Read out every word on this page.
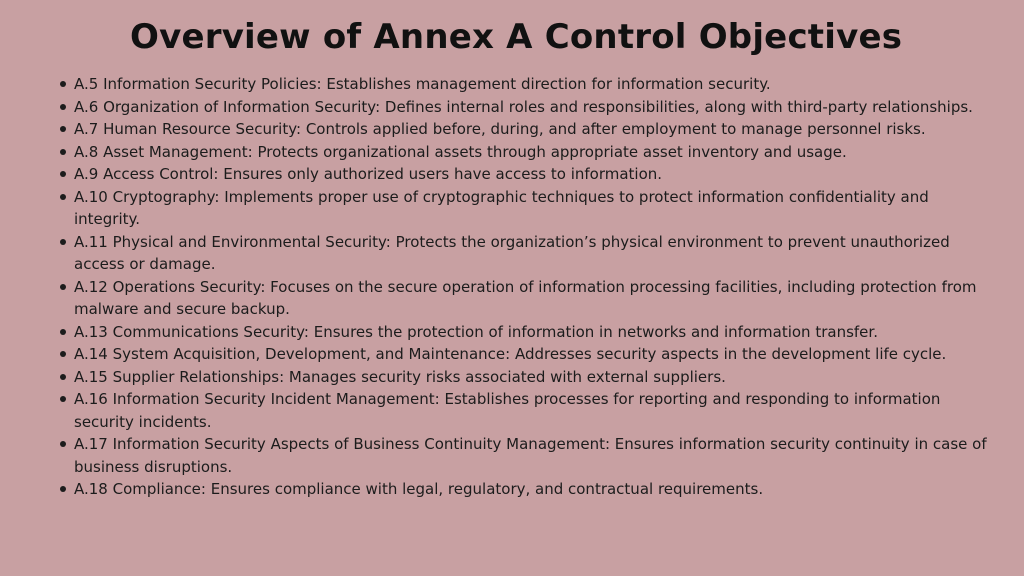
Overview of Annex A Control Objectives
A.5 Information Security Policies: Establishes management direction for information security.
A.6 Organization of Information Security: Defines internal roles and responsibilities, along with third-party relationships.
A.7 Human Resource Security: Controls applied before, during, and after employment to manage personnel risks.
A.8 Asset Management: Protects organizational assets through appropriate asset inventory and usage.
A.9 Access Control: Ensures only authorized users have access to information.
A.10 Cryptography: Implements proper use of cryptographic techniques to protect information confidentiality and integrity.
A.11 Physical and Environmental Security: Protects the organization’s physical environment to prevent unauthorized access or damage.
A.12 Operations Security: Focuses on the secure operation of information processing facilities, including protection from malware and secure backup.
A.13 Communications Security: Ensures the protection of information in networks and information transfer.
A.14 System Acquisition, Development, and Maintenance: Addresses security aspects in the development life cycle.
A.15 Supplier Relationships: Manages security risks associated with external suppliers.
A.16 Information Security Incident Management: Establishes processes for reporting and responding to information security incidents.
A.17 Information Security Aspects of Business Continuity Management: Ensures information security continuity in case of business disruptions.
A.18 Compliance: Ensures compliance with legal, regulatory, and contractual requirements.
